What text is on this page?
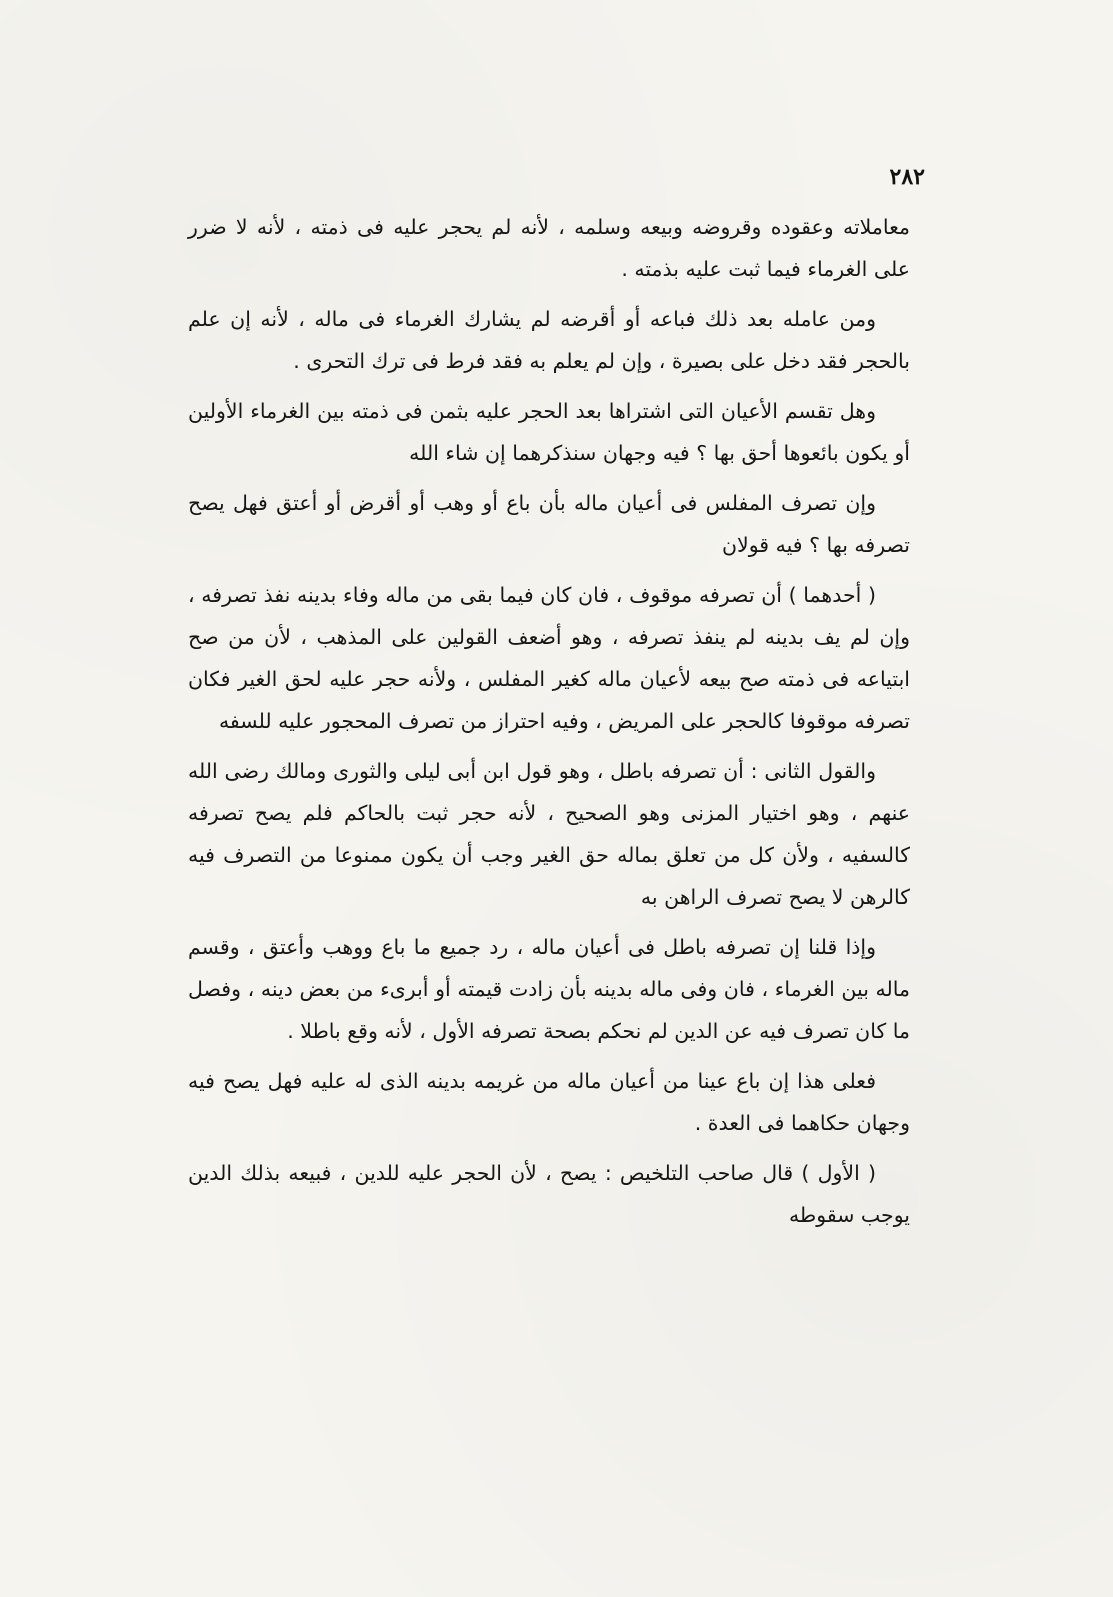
٢٨٢

معاملاته وعقوده وقروضه وبيعه وسلمه ، لأنه لم يحجر عليه فى ذمته ، لأنه لا ضرر على الغرماء فيما ثبت عليه بذمته .

ومن عامله بعد ذلك فباعه أو أقرضه لم يشارك الغرماء فى ماله ، لأنه إن علم بالحجر فقد دخل على بصيرة ، وإن لم يعلم به فقد فرط فى ترك التحرى .

وهل تقسم الأعيان التى اشتراها بعد الحجر عليه بثمن فى ذمته بين الغرماء الأولين أو يكون بائعوها أحق بها ؟ فيه وجهان سنذكرهما إن شاء الله

وإن تصرف المفلس فى أعيان ماله بأن باع أو وهب أو أقرض أو أعتق فهل يصح تصرفه بها ؟ فيه قولان

( أحدهما ) أن تصرفه موقوف ، فان كان فيما بقى من ماله وفاء بدينه نفذ تصرفه ، وإن لم يف بدينه لم ينفذ تصرفه ، وهو أضعف القولين على المذهب ، لأن من صح ابتياعه فى ذمته صح بيعه لأعيان ماله كغير المفلس ، ولأنه حجر عليه لحق الغير فكان تصرفه موقوفا كالحجر على المريض ، وفيه احتراز من تصرف المحجور عليه للسفه

والقول الثانى : أن تصرفه باطل ، وهو قول ابن أبى ليلى والثورى ومالك رضى الله عنهم ، وهو اختيار المزنى وهو الصحيح ، لأنه حجر ثبت بالحاكم فلم يصح تصرفه كالسفيه ، ولأن كل من تعلق بماله حق الغير وجب أن يكون ممنوعا من التصرف فيه كالرهن لا يصح تصرف الراهن به

وإذا قلنا إن تصرفه باطل فى أعيان ماله ، رد جميع ما باع ووهب وأعتق ، وقسم ماله بين الغرماء ، فان وفى ماله بدينه بأن زادت قيمته أو أبرىء من بعض دينه ، وفصل ما كان تصرف فيه عن الدين لم نحكم بصحة تصرفه الأول ، لأنه وقع باطلا .

فعلى هذا إن باع عينا من أعيان ماله من غريمه بدينه الذى له عليه فهل يصح فيه وجهان حكاهما فى العدة .

( الأول ) قال صاحب التلخيص : يصح ، لأن الحجر عليه للدين ، فبيعه بذلك الدين يوجب سقوطه
